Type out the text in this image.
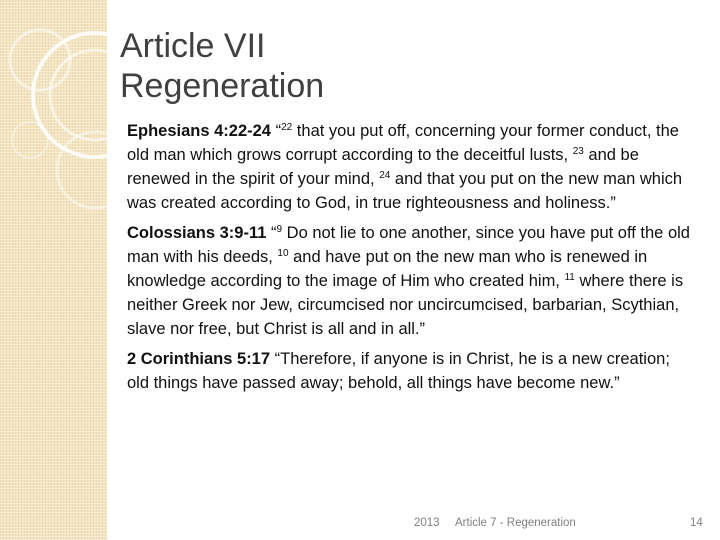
Article VII
Regeneration

Ephesians 4:22-24 “$^{22}$ that you put off, concerning your former conduct, the old man which grows corrupt according to the deceitful lusts, $^{23}$ and be renewed in the spirit of your mind, $^{24}$ and that you put on the new man which was created according to God, in true righteousness and holiness.”

Colossians 3:9-11 “$^9$ Do not lie to one another, since you have put off the old man with his deeds, $^{10}$ and have put on the new man who is renewed in knowledge according to the image of Him who created him, $^{11}$ where there is neither Greek nor Jew, circumcised nor uncircumcised, barbarian, Scythian, slave nor free, but Christ is all and in all.”

2 Corinthians 5:17 “Therefore, if anyone is in Christ, he is a new creation; old things have passed away; behold, all things have become new.”

2013 Article 7 - Regeneration	14
